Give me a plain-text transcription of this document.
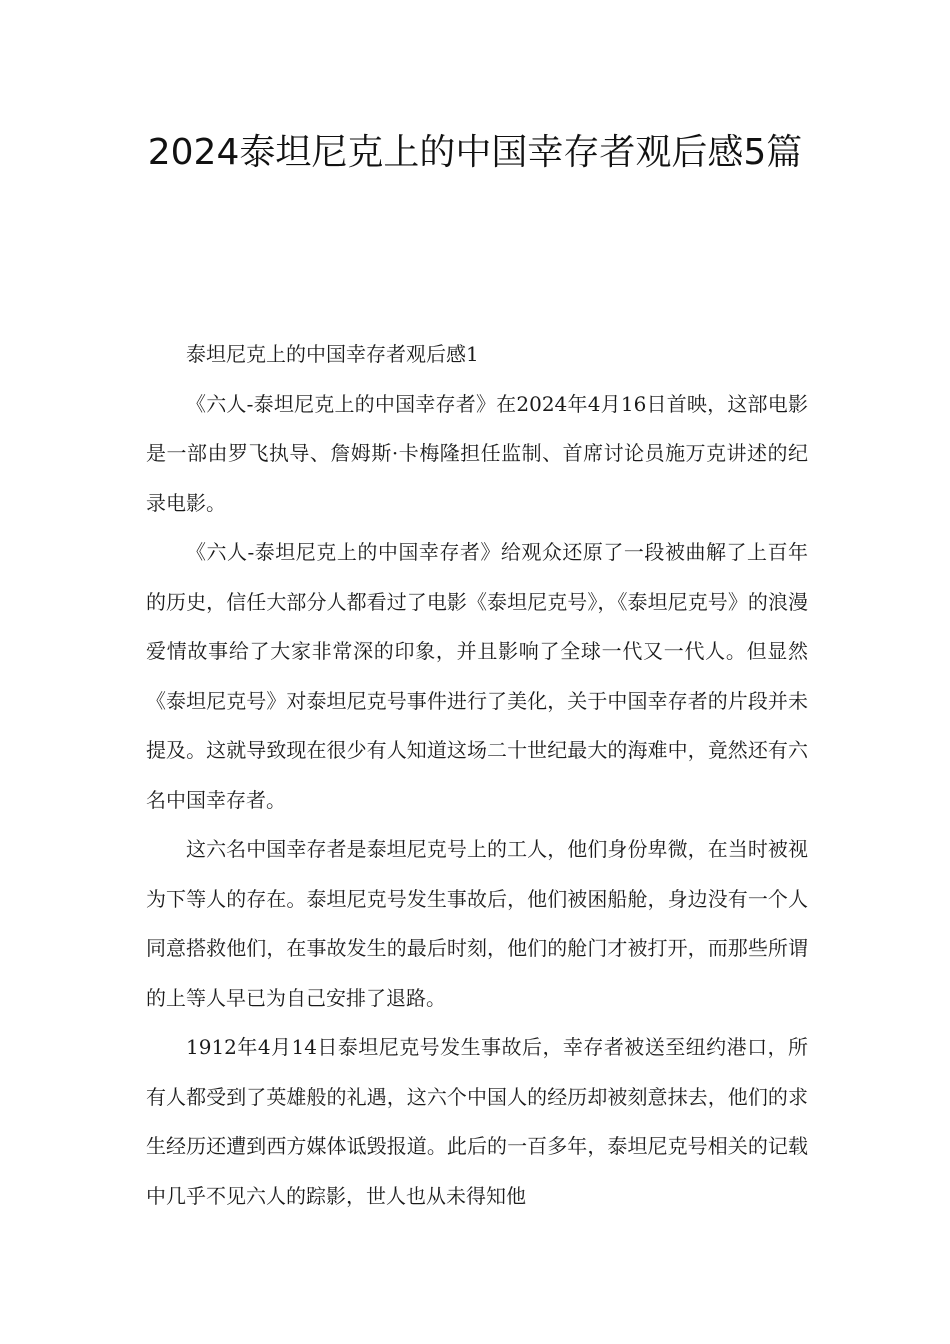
2024泰坦尼克上的中国幸存者观后感5篇

泰坦尼克上的中国幸存者观后感1

《六人-泰坦尼克上的中国幸存者》在2024年4月16日首映，这部电影是一部由罗飞执导、詹姆斯·卡梅隆担任监制、首席讨论员施万克讲述的纪录电影。

《六人-泰坦尼克上的中国幸存者》给观众还原了一段被曲解了上百年的历史，信任大部分人都看过了电影《泰坦尼克号》，《泰坦尼克号》的浪漫爱情故事给了大家非常深的印象，并且影响了全球一代又一代人。但显然《泰坦尼克号》对泰坦尼克号事件进行了美化，关于中国幸存者的片段并未提及。这就导致现在很少有人知道这场二十世纪最大的海难中，竟然还有六名中国幸存者。

这六名中国幸存者是泰坦尼克号上的工人，他们身份卑微，在当时被视为下等人的存在。泰坦尼克号发生事故后，他们被困船舱，身边没有一个人同意搭救他们，在事故发生的最后时刻，他们的舱门才被打开，而那些所谓的上等人早已为自己安排了退路。

1912年4月14日泰坦尼克号发生事故后，幸存者被送至纽约港口，所有人都受到了英雄般的礼遇，这六个中国人的经历却被刻意抹去，他们的求生经历还遭到西方媒体诋毁报道。此后的一百多年，泰坦尼克号相关的记载中几乎不见六人的踪影，世人也从未得知他
